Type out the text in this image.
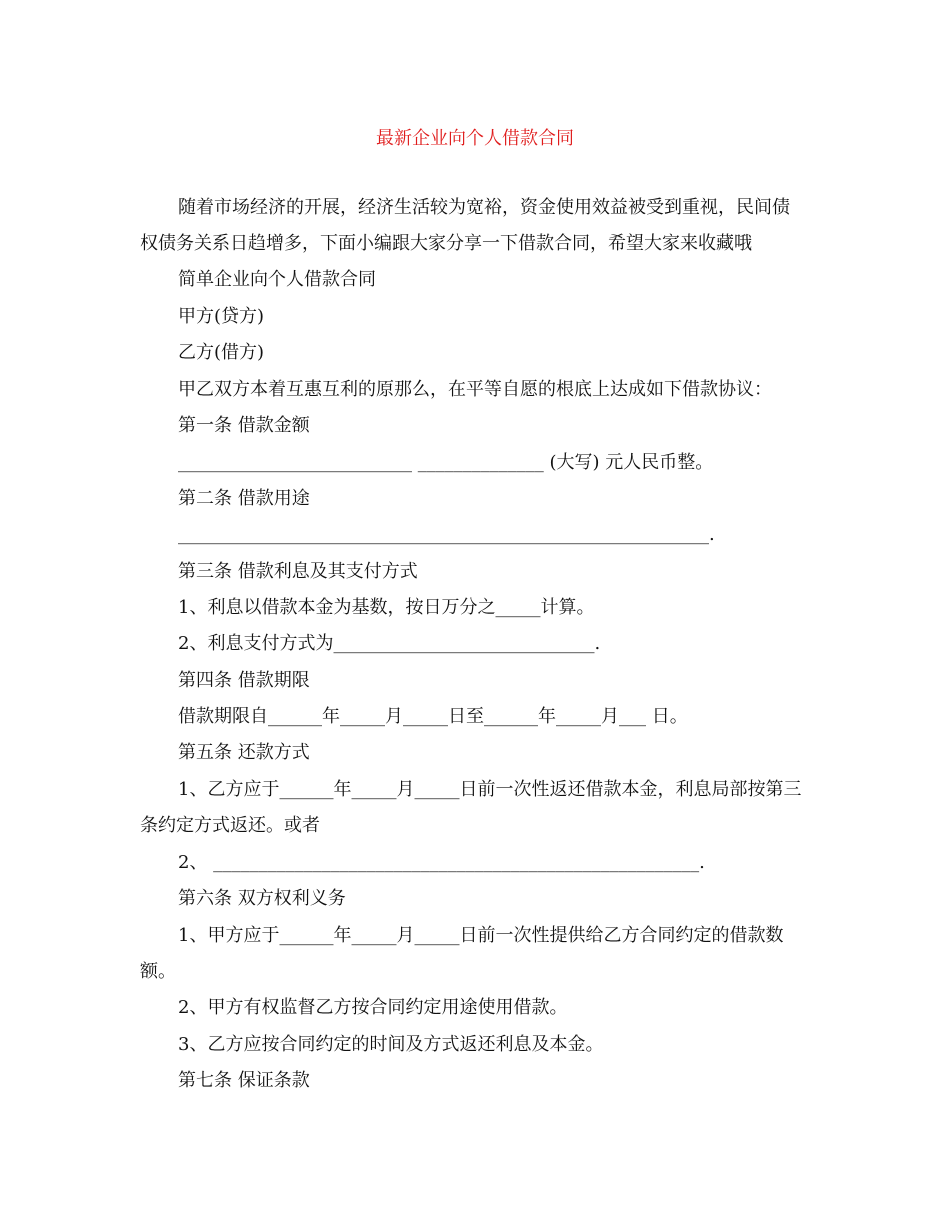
最新企业向个人借款合同
随着市场经济的开展，经济生活较为宽裕，资金使用效益被受到重视，民间债权债务关系日趋增多，下面小编跟大家分享一下借款合同，希望大家来收藏哦
简单企业向个人借款合同
甲方(贷方)
乙方(借方)
甲乙双方本着互惠互利的原那么，在平等自愿的根底上达成如下借款协议：
第一条 借款金额
__________________________ ______________ (大写) 元人民币整。
第二条 借款用途
___________________________________________________________.
第三条 借款利息及其支付方式
1、利息以借款本金为基数，按日万分之_____计算。
2、利息支付方式为_____________________________.
第四条 借款期限
借款期限自______年_____月_____日至______年_____月___ 日。
第五条 还款方式
1、乙方应于______年_____月_____日前一次性返还借款本金，利息局部按第三条约定方式返还。或者
2、 ______________________________________________________.
第六条 双方权利义务
1、甲方应于______年_____月_____日前一次性提供给乙方合同约定的借款数额。
2、甲方有权监督乙方按合同约定用途使用借款。
3、乙方应按合同约定的时间及方式返还利息及本金。
第七条 保证条款
